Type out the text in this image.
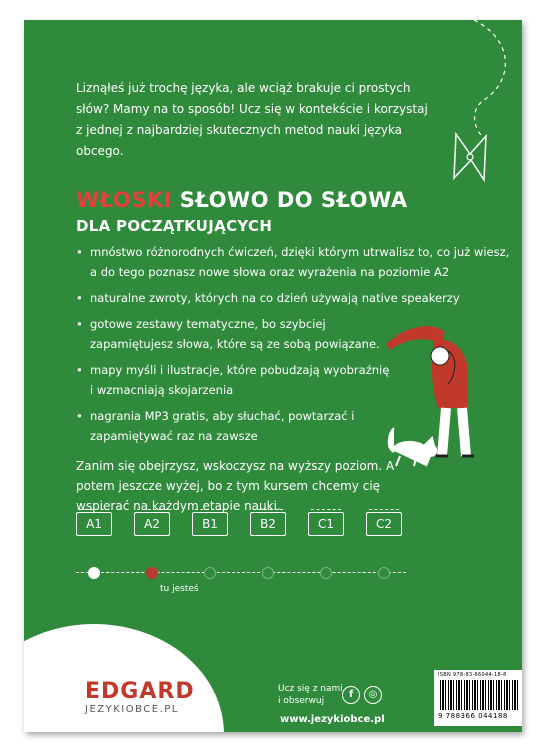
Liznąłeś już trochę języka, ale wciąż brakuje ci prostych słów? Mamy na to sposób! Ucz się w kontekście i korzystaj z jednej z najbardziej skutecznych metod nauki języka obcego.
WŁOSKI SŁOWO DO SŁOWA
DLA POCZĄTKUJĄCYCH
• mnóstwo różnorodnych ćwiczeń, dzięki którym utrwalisz to, co już wiesz, a do tego poznasz nowe słowa oraz wyrażenia na poziomie A2
• naturalne zwroty, których na co dzień używają native speakerzy
• gotowe zestawy tematyczne, bo szybciej zapamiętujesz słowa, które są ze sobą powiązane.
• mapy myśli i ilustracje, które pobudzają wyobraźnię i wzmacniają skojarzenia
• nagrania MP3 gratis, aby słuchać, powtarzać i zapamiętywać raz na zawsze
Zanim się obejrzysz, wskoczysz na wyższy poziom. A potem jeszcze wyżej, bo z tym kursem chcemy cię wspierać na każdym etapie nauki.
A1	A2	B1	B2	C1	C2
tu jesteś
EDGARD
JEZYKIOBCE.PL
Ucz się z nami i obserwuj
f	◎
www.jezykiobce.pl
ISBN 978-83-66044-18-8
9 788366 044188
